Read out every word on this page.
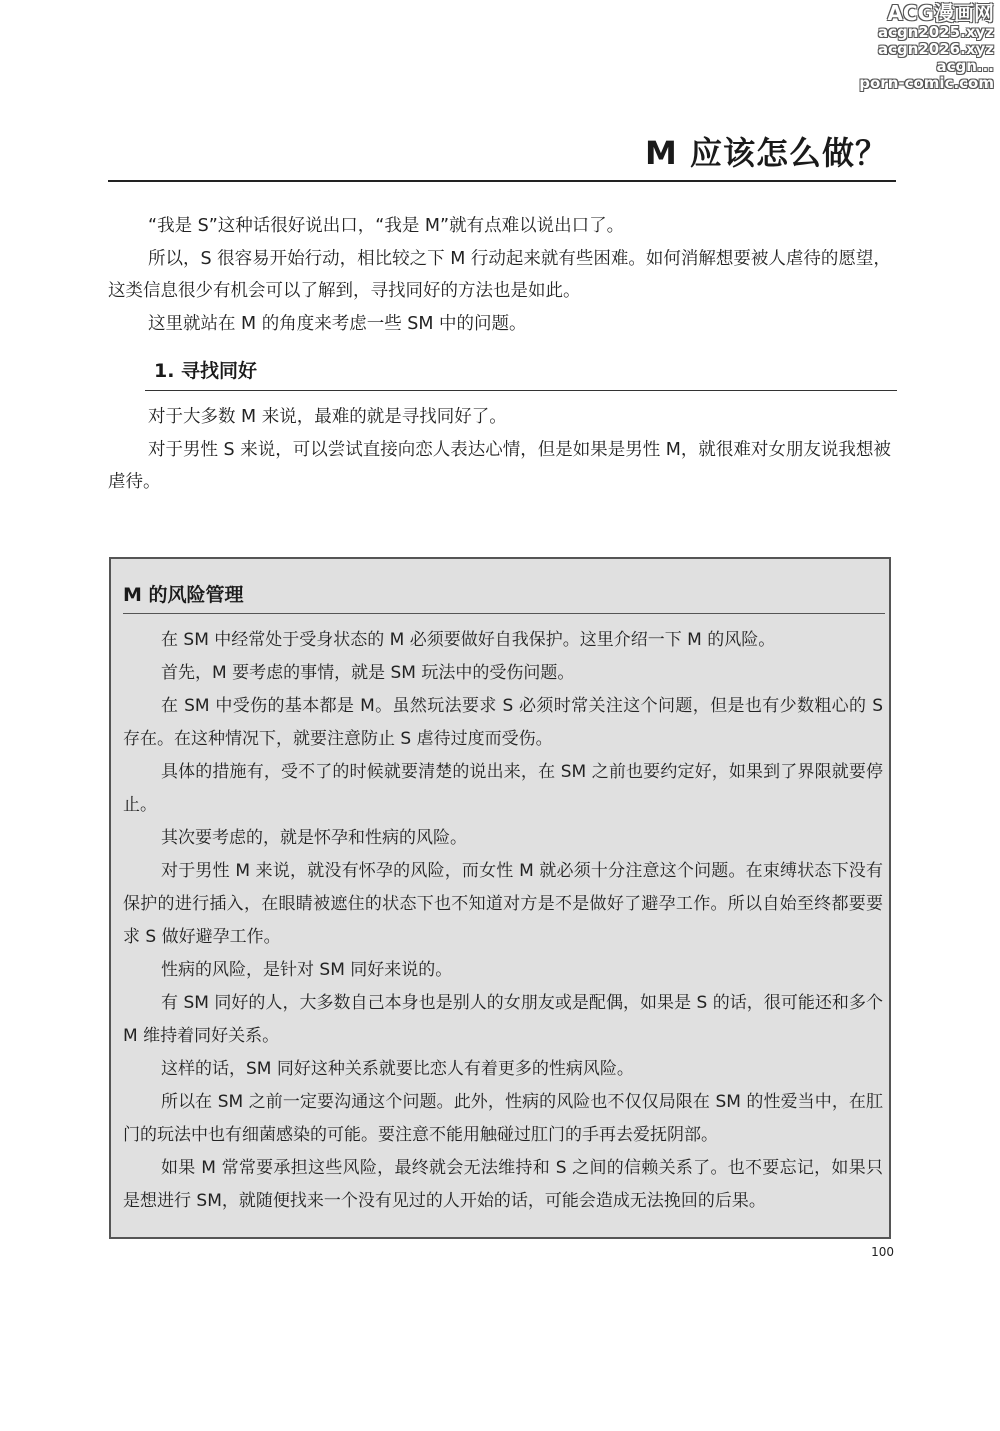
ACG漫画网
acgn2025.xyz
acgn2026.xyz
acgn...
porn-comic.com
M 应该怎么做？

“我是 S”这种话很好说出口，“我是 M”就有点难以说出口了。

所以，S 很容易开始行动，相比较之下 M 行动起来就有些困难。如何消解想要被人虐待的愿望，这类信息很少有机会可以了解到，寻找同好的方法也是如此。

这里就站在 M 的角度来考虑一些 SM 中的问题。

1. 寻找同好

对于大多数 M 来说，最难的就是寻找同好了。

对于男性 S 来说，可以尝试直接向恋人表达心情，但是如果是男性 M，就很难对女朋友说我想被虐待。

M 的风险管理

在 SM 中经常处于受身状态的 M 必须要做好自我保护。这里介绍一下 M 的风险。

首先，M 要考虑的事情，就是 SM 玩法中的受伤问题。

在 SM 中受伤的基本都是 M。虽然玩法要求 S 必须时常关注这个问题，但是也有少数粗心的 S 存在。在这种情况下，就要注意防止 S 虐待过度而受伤。

具体的措施有，受不了的时候就要清楚的说出来，在 SM 之前也要约定好，如果到了界限就要停止。

其次要考虑的，就是怀孕和性病的风险。

对于男性 M 来说，就没有怀孕的风险，而女性 M 就必须十分注意这个问题。在束缚状态下没有保护的进行插入，在眼睛被遮住的状态下也不知道对方是不是做好了避孕工作。所以自始至终都要要求 S 做好避孕工作。

性病的风险，是针对 SM 同好来说的。

有 SM 同好的人，大多数自己本身也是别人的女朋友或是配偶，如果是 S 的话，很可能还和多个 M 维持着同好关系。

这样的话，SM 同好这种关系就要比恋人有着更多的性病风险。

所以在 SM 之前一定要沟通这个问题。此外，性病的风险也不仅仅局限在 SM 的性爱当中，在肛门的玩法中也有细菌感染的可能。要注意不能用触碰过肛门的手再去爱抚阴部。

如果 M 常常要承担这些风险，最终就会无法维持和 S 之间的信赖关系了。也不要忘记，如果只是想进行 SM，就随便找来一个没有见过的人开始的话，可能会造成无法挽回的后果。

100
